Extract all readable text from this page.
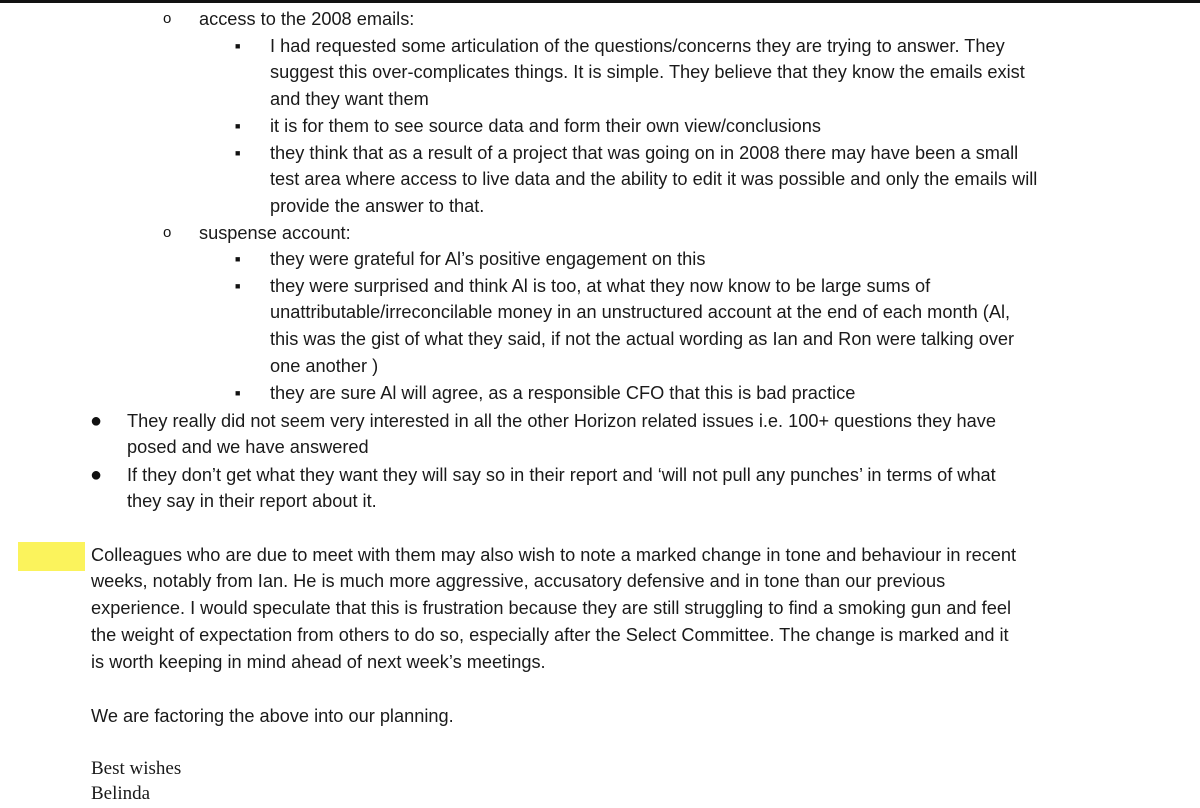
o access to the 2008 emails:
■ I had requested some articulation of the questions/concerns they are trying to answer. They
suggest this over-complicates things. It is simple. They believe that they know the emails exist
and they want them
■ it is for them to see source data and form their own view/conclusions
■ they think that as a result of a project that was going on in 2008 there may have been a small
test area where access to live data and the ability to edit it was possible and only the emails will
provide the answer to that.
o suspense account:
■ they were grateful for Al’s positive engagement on this
■ they were surprised and think Al is too, at what they now know to be large sums of
unattributable/irreconcilable money in an unstructured account at the end of each month (Al,
this was the gist of what they said, if not the actual wording as Ian and Ron were talking over
one another )
■ they are sure Al will agree, as a responsible CFO that this is bad practice
● They really did not seem very interested in all the other Horizon related issues i.e. 100+ questions they have
posed and we have answered
● If they don’t get what they want they will say so in their report and ‘will not pull any punches’ in terms of what
they say in their report about it.
Colleagues who are due to meet with them may also wish to note a marked change in tone and behaviour in recent
weeks, notably from Ian. He is much more aggressive, accusatory defensive and in tone than our previous
experience. I would speculate that this is frustration because they are still struggling to find a smoking gun and feel
the weight of expectation from others to do so, especially after the Select Committee. The change is marked and it
is worth keeping in mind ahead of next week’s meetings.
We are factoring the above into our planning.
Best wishes
Belinda
